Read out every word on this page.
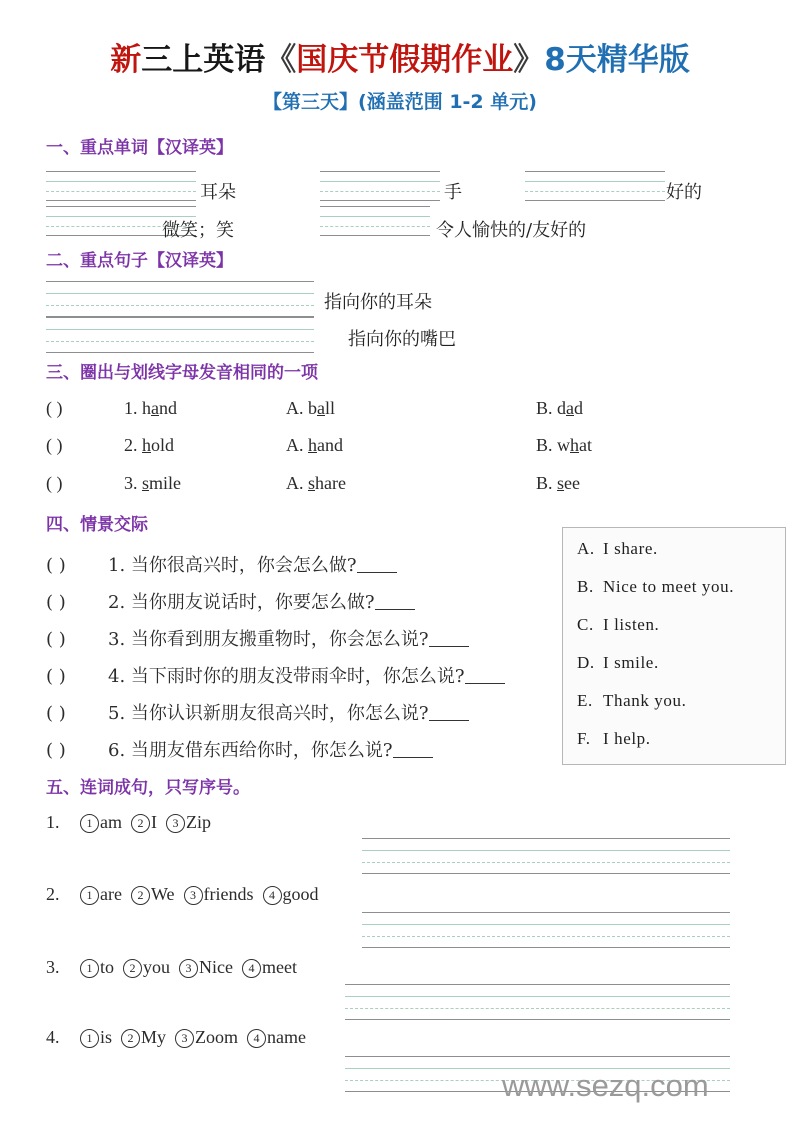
新三上英语《国庆节假期作业》8天精华版
【第三天】(涵盖范围 1-2 单元)
一、重点单词【汉译英】
耳朵	手	好的
微笑；笑	令人愉快的/友好的
二、重点句子【汉译英】
指向你的耳朵
指向你的嘴巴
三、圈出与划线字母发音相同的一项
( )	1. hand	A. ball	B. dad
( )	2. hold	A. hand	B. what
( )	3. smile	A. share	B. see
四、情景交际
( ) 1. 当你很高兴时，你会怎么做?
( ) 2. 当你朋友说话时，你要怎么做?
( ) 3. 当你看到朋友搬重物时，你会怎么说?
( ) 4. 当下雨时你的朋友没带雨伞时，你怎么说?
( ) 5. 当你认识新朋友很高兴时，你怎么说?
( ) 6. 当朋友借东西给你时，你怎么说?
A. I share.
B. Nice to meet you.
C. I listen.
D. I smile.
E. Thank you.
F. I help.
五、连词成句，只写序号。
1. 1 am 2 I 3 Zip
2. 1 are 2 We 3 friends 4 good
3. 1 to 2 you 3 Nice 4 meet
4. 1 is 2 My 3 Zoom 4 name
www.sezq.com
